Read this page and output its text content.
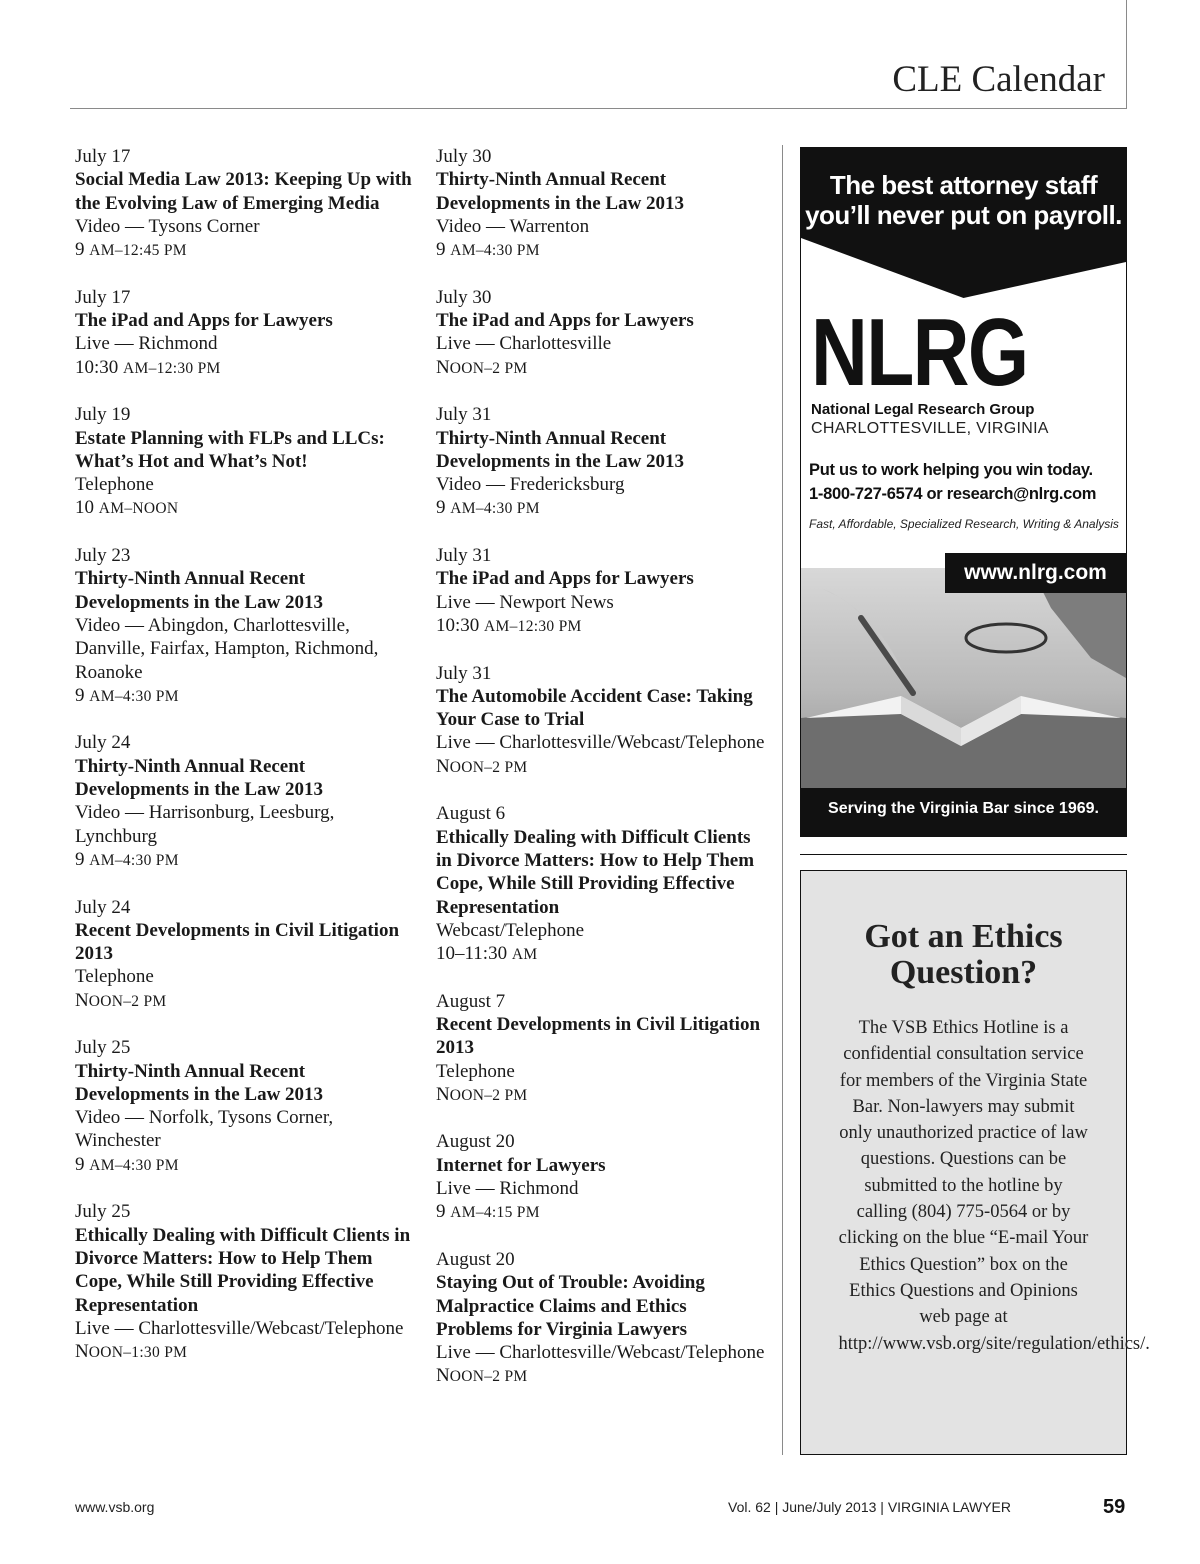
CLE Calendar
July 17
Social Media Law 2013: Keeping Up with the Evolving Law of Emerging Media
Video — Tysons Corner
9 AM–12:45 PM
July 17
The iPad and Apps for Lawyers
Live — Richmond
10:30 AM–12:30 PM
July 19
Estate Planning with FLPs and LLCs: What’s Hot and What’s Not!
Telephone
10 AM–NOON
July 23
Thirty-Ninth Annual Recent Developments in the Law 2013
Video — Abingdon, Charlottesville, Danville, Fairfax, Hampton, Richmond, Roanoke
9 AM–4:30 PM
July 24
Thirty-Ninth Annual Recent Developments in the Law 2013
Video — Harrisonburg, Leesburg, Lynchburg
9 AM–4:30 PM
July 24
Recent Developments in Civil Litigation 2013
Telephone
NOON–2 PM
July 25
Thirty-Ninth Annual Recent Developments in the Law 2013
Video — Norfolk, Tysons Corner, Winchester
9 AM–4:30 PM
July 25
Ethically Dealing with Difficult Clients in Divorce Matters: How to Help Them Cope, While Still Providing Effective Representation
Live — Charlottesville/Webcast/Telephone
NOON–1:30 PM
July 30
Thirty-Ninth Annual Recent Developments in the Law 2013
Video — Warrenton
9 AM–4:30 PM
July 30
The iPad and Apps for Lawyers
Live — Charlottesville
NOON–2 PM
July 31
Thirty-Ninth Annual Recent Developments in the Law 2013
Video — Fredericksburg
9 AM–4:30 PM
July 31
The iPad and Apps for Lawyers
Live — Newport News
10:30 AM–12:30 PM
July 31
The Automobile Accident Case: Taking Your Case to Trial
Live — Charlottesville/Webcast/Telephone
NOON–2 PM
August 6
Ethically Dealing with Difficult Clients in Divorce Matters: How to Help Them Cope, While Still Providing Effective Representation
Webcast/Telephone
10–11:30 AM
August 7
Recent Developments in Civil Litigation 2013
Telephone
NOON–2 PM
August 20
Internet for Lawyers
Live — Richmond
9 AM–4:15 PM
August 20
Staying Out of Trouble: Avoiding Malpractice Claims and Ethics Problems for Virginia Lawyers
Live — Charlottesville/Webcast/Telephone
NOON–2 PM
The best attorney staff
you’ll never put on payroll.
NLRG
National Legal Research Group
CHARLOTTESVILLE, VIRGINIA
Put us to work helping you win today.
1-800-727-6574 or research@nlrg.com
Fast, Affordable, Specialized Research, Writing & Analysis
www.nlrg.com
Serving the Virginia Bar since 1969.
Got an Ethics
Question?

The VSB Ethics Hotline is a confidential consultation service for members of the Virginia State Bar. Non-lawyers may submit only unauthorized practice of law questions. Questions can be submitted to the hotline by calling (804) 775-0564 or by clicking on the blue “E-mail Your Ethics Question” box on the Ethics Questions and Opinions web page at http://www.vsb.org/site/regulation/ethics/.

www.vsb.org	Vol. 62 | June/July 2013 | VIRGINIA LAWYER	59
